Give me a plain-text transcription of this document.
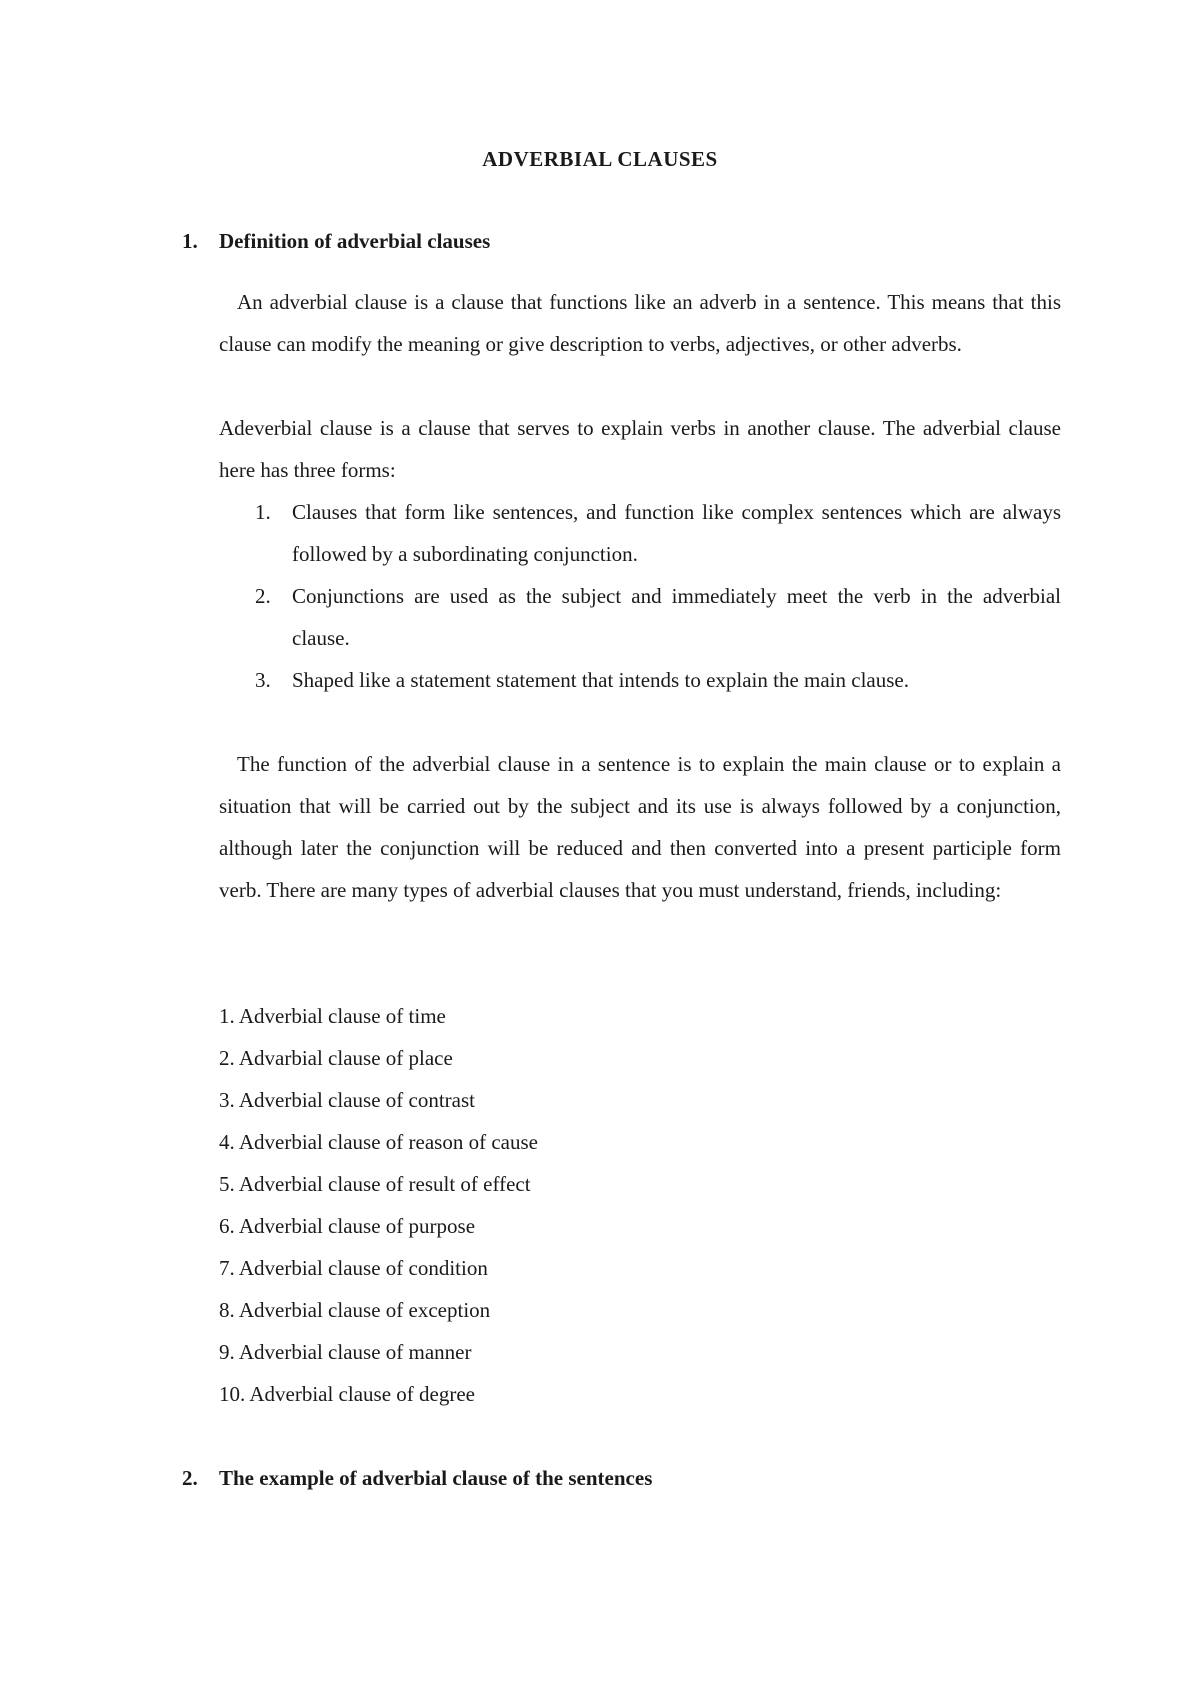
ADVERBIAL CLAUSES
1. Definition of adverbial clauses
An adverbial clause is a clause that functions like an adverb in a sentence. This means that this clause can modify the meaning or give description to verbs, adjectives, or other adverbs.
Adeverbial clause is a clause that serves to explain verbs in another clause. The adverbial clause here has three forms:
1. Clauses that form like sentences, and function like complex sentences which are always followed by a subordinating conjunction.
2. Conjunctions are used as the subject and immediately meet the verb in the adverbial clause.
3. Shaped like a statement statement that intends to explain the main clause.
The function of the adverbial clause in a sentence is to explain the main clause or to explain a situation that will be carried out by the subject and its use is always followed by a conjunction, although later the conjunction will be reduced and then converted into a present participle form verb. There are many types of adverbial clauses that you must understand, friends, including:
1. Adverbial clause of time
2. Advarbial clause of place
3. Adverbial clause of contrast
4. Adverbial clause of reason of cause
5. Adverbial clause of result of effect
6. Adverbial clause of purpose
7. Adverbial clause of condition
8. Adverbial clause of exception
9. Adverbial clause of manner
10. Adverbial clause of degree
2. The example of adverbial clause of the sentences
